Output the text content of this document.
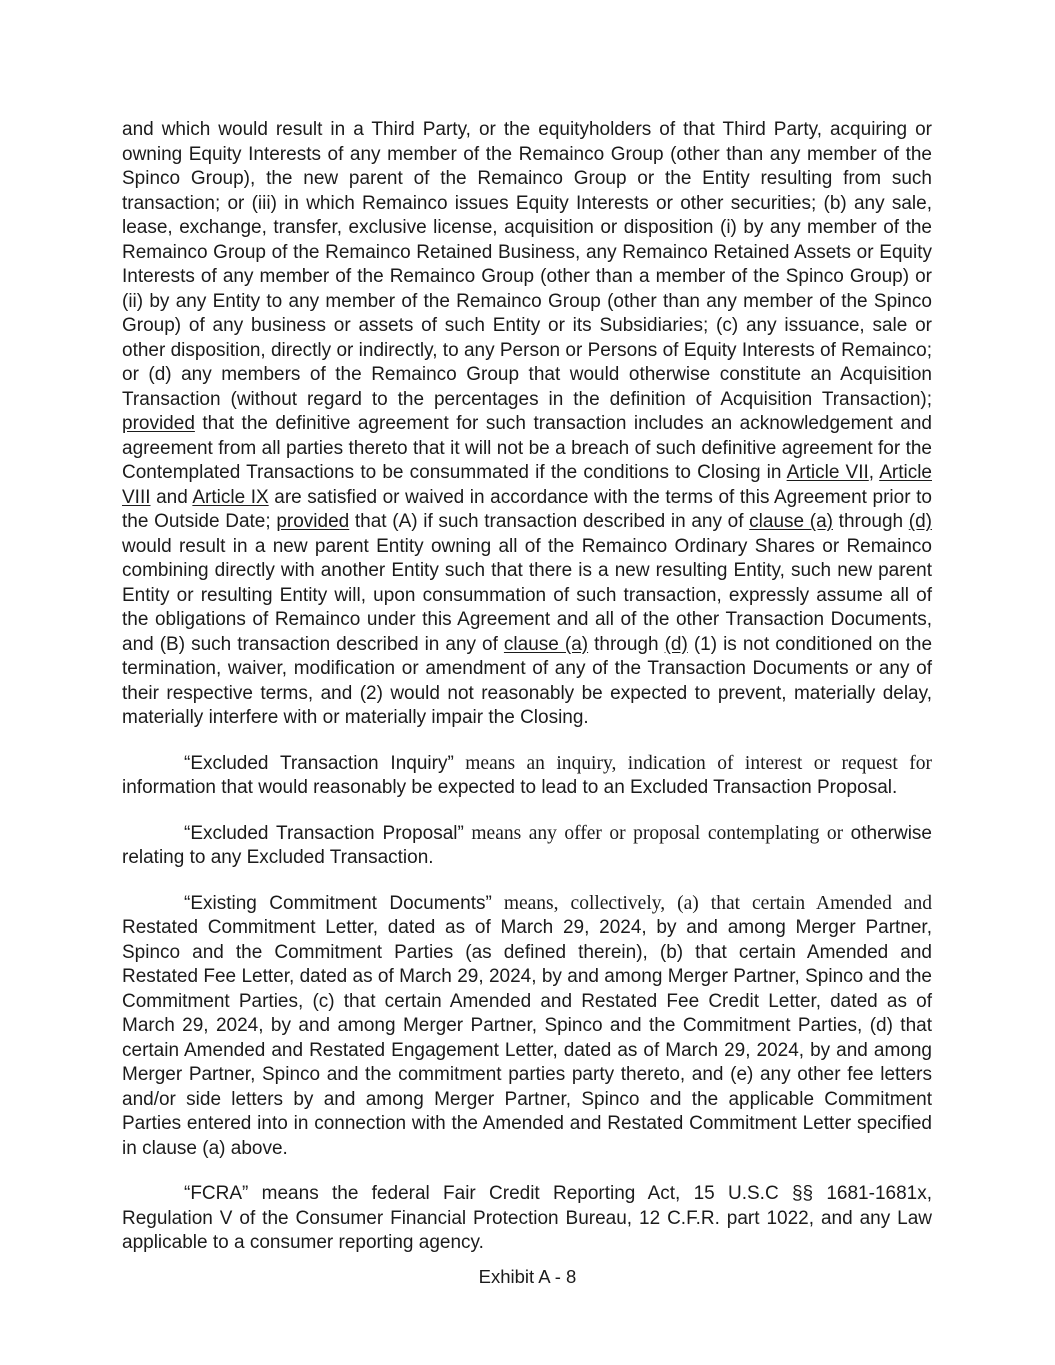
and which would result in a Third Party, or the equityholders of that Third Party, acquiring or owning Equity Interests of any member of the Remainco Group (other than any member of the Spinco Group), the new parent of the Remainco Group or the Entity resulting from such transaction; or (iii) in which Remainco issues Equity Interests or other securities; (b) any sale, lease, exchange, transfer, exclusive license, acquisition or disposition (i) by any member of the Remainco Group of the Remainco Retained Business, any Remainco Retained Assets or Equity Interests of any member of the Remainco Group (other than a member of the Spinco Group) or (ii) by any Entity to any member of the Remainco Group (other than any member of the Spinco Group) of any business or assets of such Entity or its Subsidiaries; (c) any issuance, sale or other disposition, directly or indirectly, to any Person or Persons of Equity Interests of Remainco; or (d) any members of the Remainco Group that would otherwise constitute an Acquisition Transaction (without regard to the percentages in the definition of Acquisition Transaction); provided that the definitive agreement for such transaction includes an acknowledgement and agreement from all parties thereto that it will not be a breach of such definitive agreement for the Contemplated Transactions to be consummated if the conditions to Closing in Article VII, Article VIII and Article IX are satisfied or waived in accordance with the terms of this Agreement prior to the Outside Date; provided that (A) if such transaction described in any of clause (a) through (d) would result in a new parent Entity owning all of the Remainco Ordinary Shares or Remainco combining directly with another Entity such that there is a new resulting Entity, such new parent Entity or resulting Entity will, upon consummation of such transaction, expressly assume all of the obligations of Remainco under this Agreement and all of the other Transaction Documents, and (B) such transaction described in any of clause (a) through (d) (1) is not conditioned on the termination, waiver, modification or amendment of any of the Transaction Documents or any of their respective terms, and (2) would not reasonably be expected to prevent, materially delay, materially interfere with or materially impair the Closing.

“Excluded Transaction Inquiry” means an inquiry, indication of interest or request for information that would reasonably be expected to lead to an Excluded Transaction Proposal.

“Excluded Transaction Proposal” means any offer or proposal contemplating or otherwise relating to any Excluded Transaction.

“Existing Commitment Documents” means, collectively, (a) that certain Amended and Restated Commitment Letter, dated as of March 29, 2024, by and among Merger Partner, Spinco and the Commitment Parties (as defined therein), (b) that certain Amended and Restated Fee Letter, dated as of March 29, 2024, by and among Merger Partner, Spinco and the Commitment Parties, (c) that certain Amended and Restated Fee Credit Letter, dated as of March 29, 2024, by and among Merger Partner, Spinco and the Commitment Parties, (d) that certain Amended and Restated Engagement Letter, dated as of March 29, 2024, by and among Merger Partner, Spinco and the commitment parties party thereto, and (e) any other fee letters and/or side letters by and among Merger Partner, Spinco and the applicable Commitment Parties entered into in connection with the Amended and Restated Commitment Letter specified in clause (a) above.

“FCRA” means the federal Fair Credit Reporting Act, 15 U.S.C §§ 1681-1681x, Regulation V of the Consumer Financial Protection Bureau, 12 C.F.R. part 1022, and any Law applicable to a consumer reporting agency.

Exhibit A - 8
